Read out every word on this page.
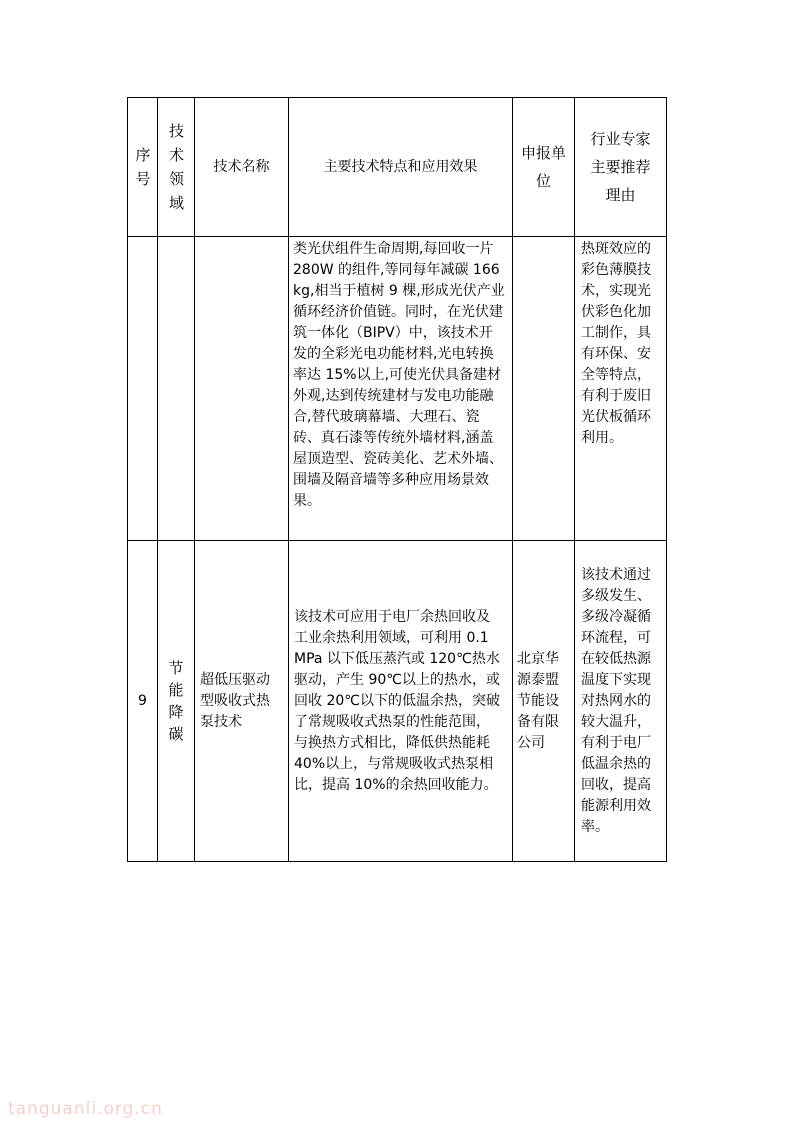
序号	技术领域	技术名称	主要技术特点和应用效果	申报单位	行业专家主要推荐理由

			类光伏组件生命周期,每回收一片 280W 的组件,等同每年减碳 166kg,相当于植树 9 棵,形成光伏产业循环经济价值链。同时，在光伏建筑一体化（BIPV）中，该技术开发的全彩光电功能材料,光电转换率达 15%以上,可使光伏具备建材外观,达到传统建材与发电功能融合,替代玻璃幕墙、大理石、瓷砖、真石漆等传统外墙材料,涵盖屋顶造型、瓷砖美化、艺术外墙、围墙及隔音墙等多种应用场景效果。		热斑效应的彩色薄膜技术，实现光伏彩色化加工制作，具有环保、安全等特点，有利于废旧光伏板循环利用。

9	节能降碳	超低压驱动型吸收式热泵技术	该技术可应用于电厂余热回收及工业余热利用领域，可利用 0.1MPa 以下低压蒸汽或 120℃热水驱动，产生 90℃以上的热水，或回收 20℃以下的低温余热，突破了常规吸收式热泵的性能范围，与换热方式相比，降低供热能耗 40%以上，与常规吸收式热泵相比，提高 10%的余热回收能力。	北京华源泰盟节能设备有限公司	该技术通过多级发生、多级冷凝循环流程，可在较低热源温度下实现对热网水的较大温升，有利于电厂低温余热的回收，提高能源利用效率。
tanguanli.org.cn
